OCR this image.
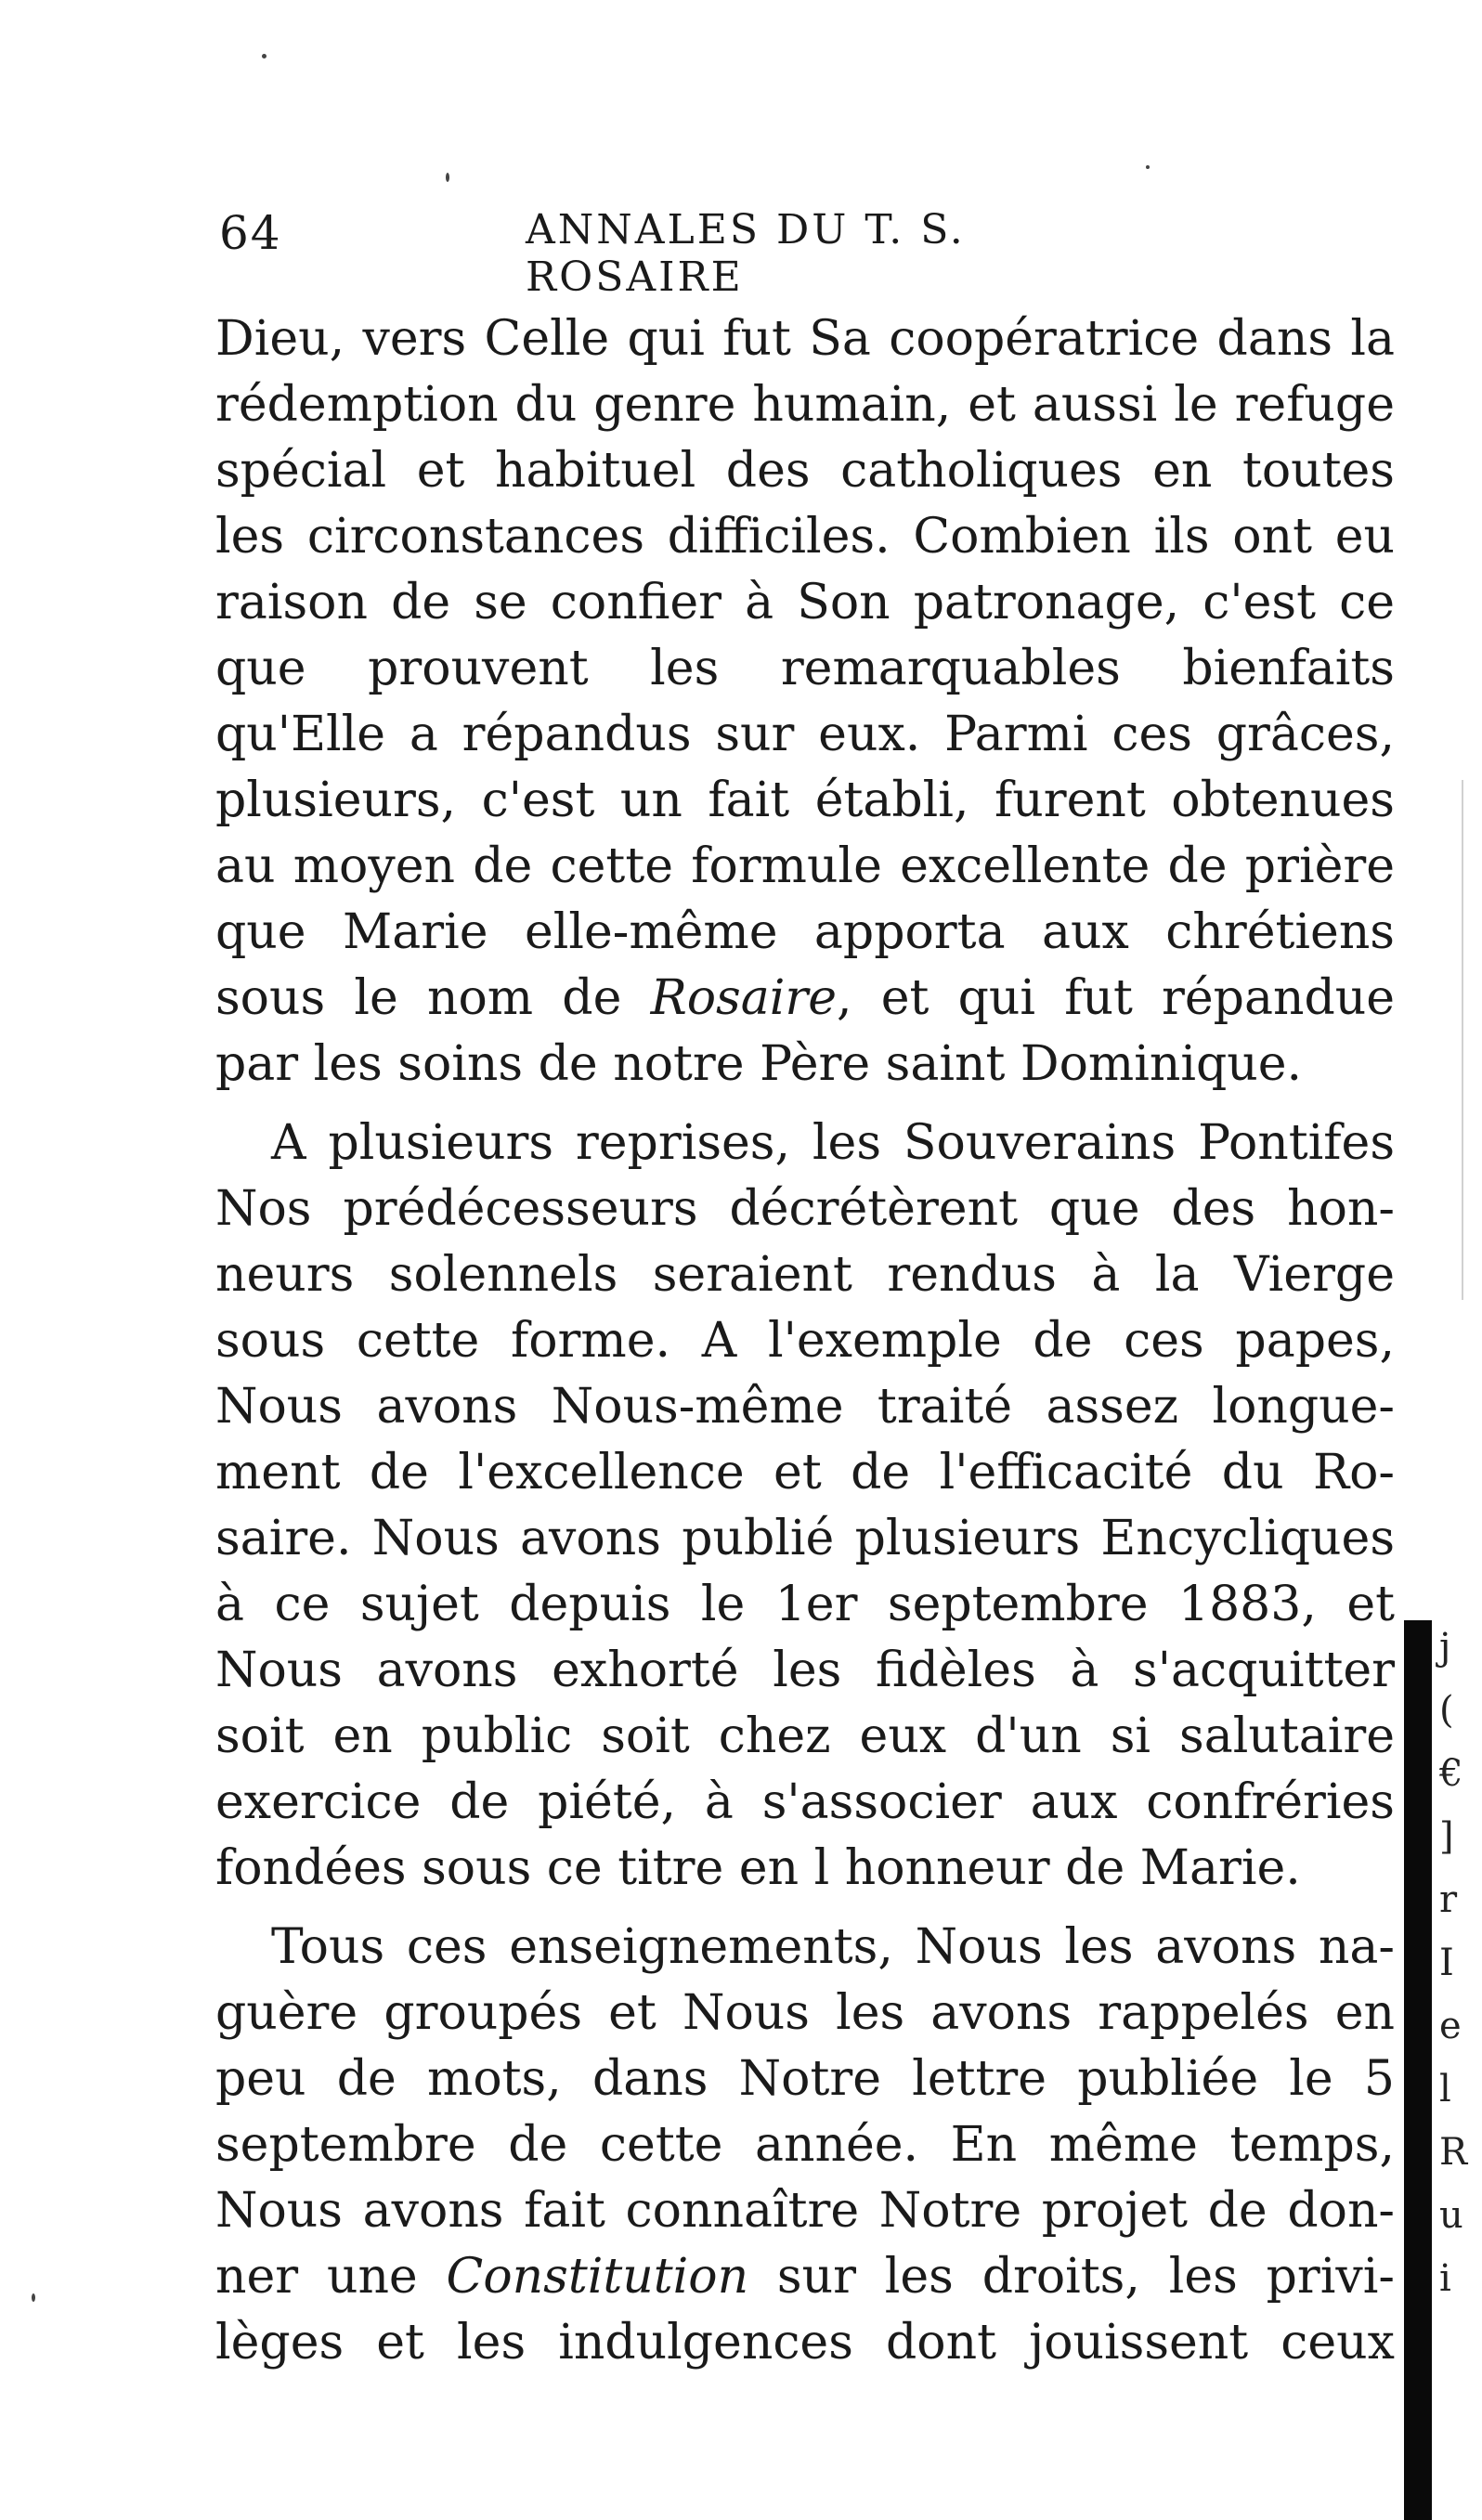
64	ANNALES DU T. S. ROSAIRE
Dieu, vers Celle qui fut Sa coopératrice dans la
rédemption du genre humain, et aussi le refuge
spécial et habituel des catholiques en toutes
les circonstances difficiles. Combien ils ont eu
raison de se confier à Son patronage, c'est ce
que prouvent les remarquables bienfaits
qu'Elle a répandus sur eux. Parmi ces grâces,
plusieurs, c'est un fait établi, furent obtenues
au moyen de cette formule excellente de prière
que Marie elle-même apporta aux chrétiens
sous le nom de Rosaire, et qui fut répandue
par les soins de notre Père saint Dominique.
A plusieurs reprises, les Souverains Pontifes
Nos prédécesseurs décrétèrent que des hon-
neurs solennels seraient rendus à la Vierge
sous cette forme. A l'exemple de ces papes,
Nous avons Nous-même traité assez longue-
ment de l'excellence et de l'efficacité du Ro-
saire. Nous avons publié plusieurs Encycliques
à ce sujet depuis le 1er septembre 1883, et
Nous avons exhorté les fidèles à s'acquitter
soit en public soit chez eux d'un si salutaire
exercice de piété, à s'associer aux confréries
fondées sous ce titre en l honneur de Marie.
Tous ces enseignements, Nous les avons na-
guère groupés et Nous les avons rappelés en
peu de mots, dans Notre lettre publiée le 5
septembre de cette année. En même temps,
Nous avons fait connaître Notre projet de don-
ner une Constitution sur les droits, les privi-
lèges et les indulgences dont jouissent ceux
j
(
€
]
r
I
e
l
R
u
i
